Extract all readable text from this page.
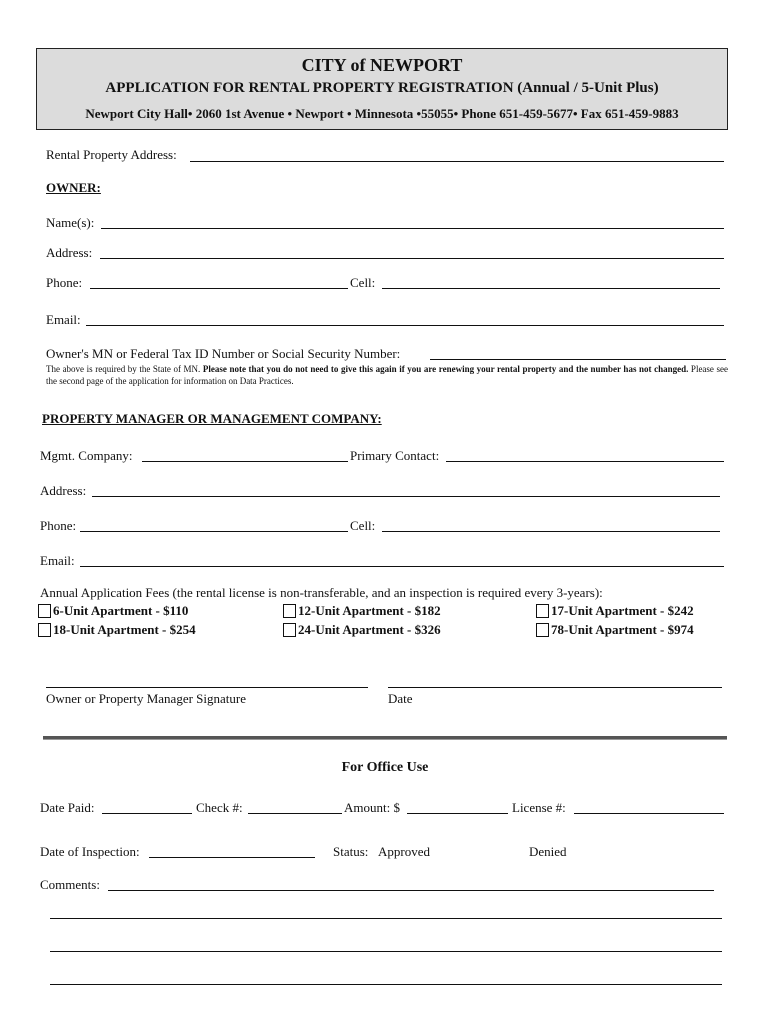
CITY of NEWPORT
APPLICATION FOR RENTAL PROPERTY REGISTRATION (Annual / 5-Unit Plus)
Newport City Hall• 2060 1st Avenue • Newport • Minnesota •55055• Phone 651-459-5677• Fax 651-459-9883
Rental Property Address:
OWNER:
Name(s):
Address:
Phone:	Cell:
Email:
Owner's MN or Federal Tax ID Number or Social Security Number:
The above is required by the State of MN. Please note that you do not need to give this again if you are renewing your rental property and the number has not changed. Please see the second page of the application for information on Data Practices.
PROPERTY MANAGER OR MANAGEMENT COMPANY:
Mgmt. Company:	Primary Contact:
Address:
Phone:	Cell:
Email:
Annual Application Fees (the rental license is non-transferable, and an inspection is required every 3-years):
6-Unit Apartment - $110	12-Unit Apartment - $182	17-Unit Apartment - $242
18-Unit Apartment - $254	24-Unit Apartment - $326	78-Unit Apartment - $974
Owner or Property Manager Signature	Date
For Office Use
Date Paid:	Check #:	Amount: $	License #:
Date of Inspection:	Status: Approved	Denied
Comments:
